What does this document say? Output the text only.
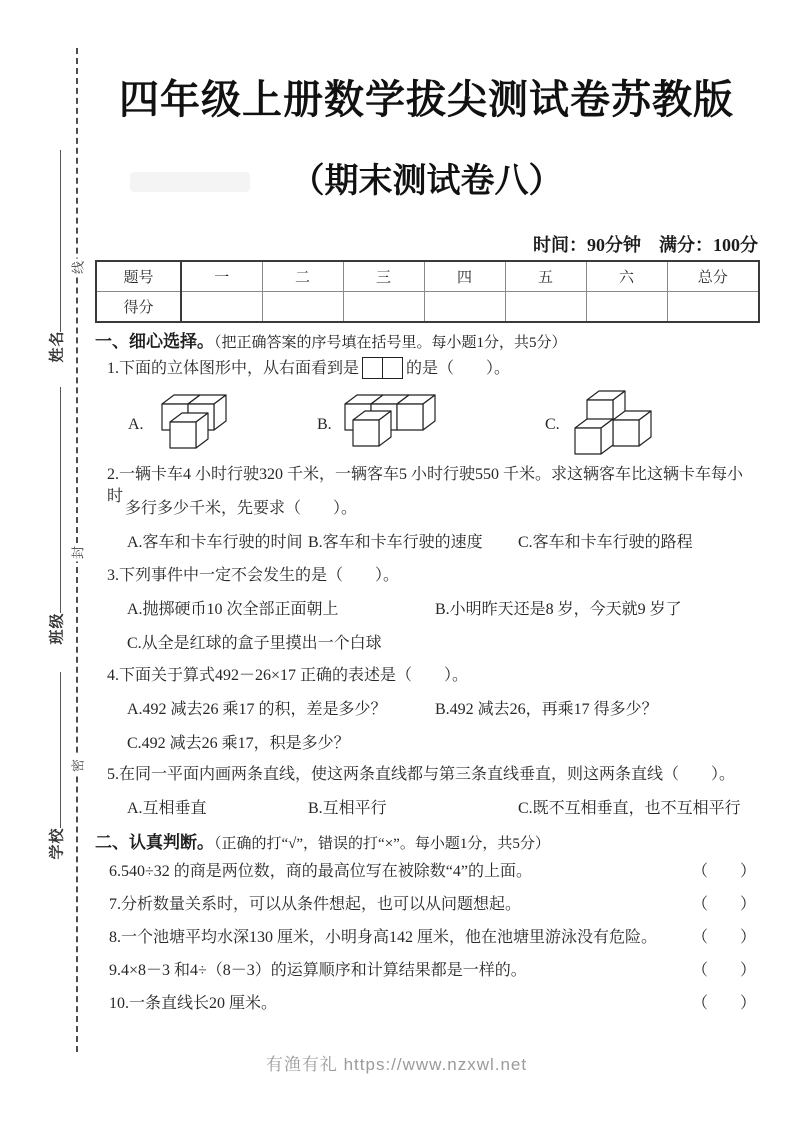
线
封
密
姓名
班级
学校
四年级上册数学拔尖测试卷苏教版
（期末测试卷八）
时间：90分钟　满分：100分
题号	一	二	三	四	五	六	总分
得分							
一、细心选择。（把正确答案的序号填在括号里。每小题1分，共5分）
1.下面的立体图形中，从右面看到是	的是（　　）。
A.	B.	C.
2.一辆卡车4 小时行驶320 千米，一辆客车5 小时行驶550 千米。求这辆客车比这辆卡车每小时
多行多少千米，先要求（　　）。
A.客车和卡车行驶的时间 B.客车和卡车行驶的速度 C.客车和卡车行驶的路程
3.下列事件中一定不会发生的是（　　）。
A.抛掷硬币10 次全部正面朝上	B.小明昨天还是8 岁，今天就9 岁了
C.从全是红球的盒子里摸出一个白球
4.下面关于算式492－26×17 正确的表述是（　　）。
A.492 减去26 乘17 的积，差是多少？	B.492 减去26，再乘17 得多少？
C.492 减去26 乘17，积是多少？
5.在同一平面内画两条直线，使这两条直线都与第三条直线垂直，则这两条直线（　　）。
A.互相垂直	B.互相平行	C.既不互相垂直，也不互相平行
二、认真判断。（正确的打“√”，错误的打“×”。每小题1分，共5分）
6.540÷32 的商是两位数，商的最高位写在被除数“4”的上面。	（　　）
7.分析数量关系时，可以从条件想起，也可以从问题想起。	（　　）
8.一个池塘平均水深130 厘米，小明身高142 厘米，他在池塘里游泳没有危险。 （　　）
9.4×8－3 和4÷（8－3）的运算顺序和计算结果都是一样的。	（　　）
10.一条直线长20 厘米。	（　　）
有渔有礼 https://www.nzxwl.net
